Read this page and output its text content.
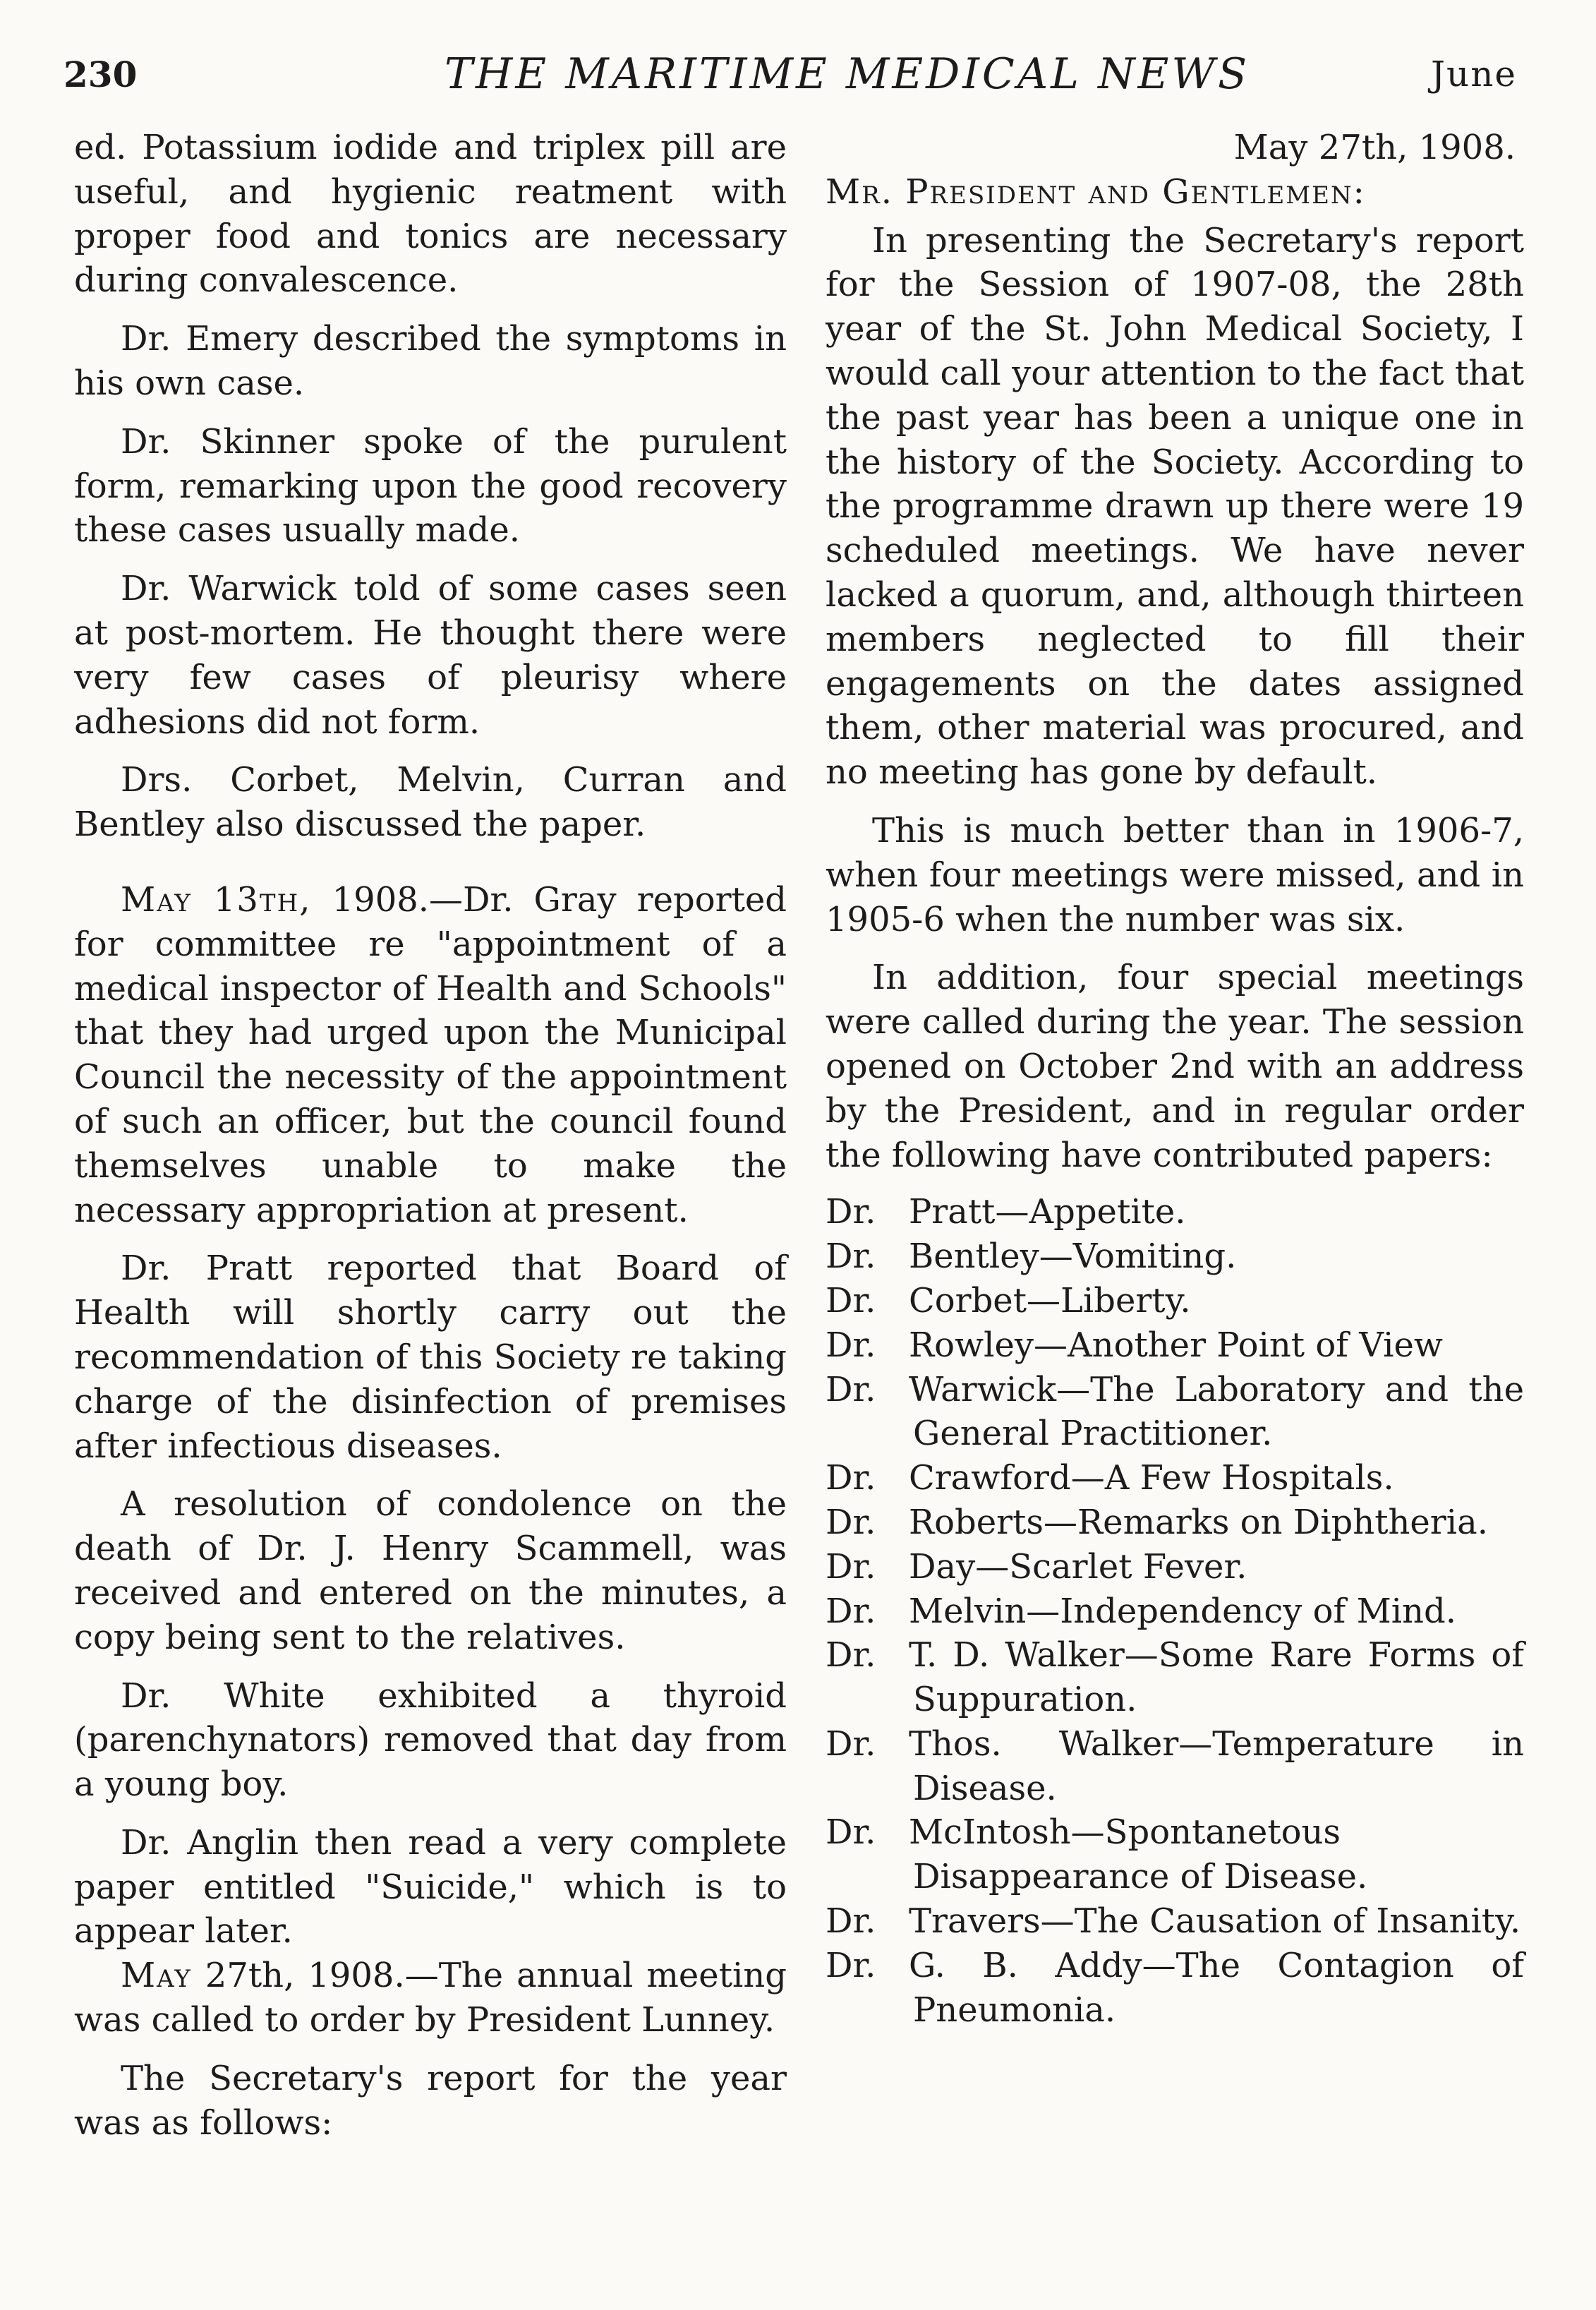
230	THE MARITIME MEDICAL NEWS	June

ed. Potassium iodide and triplex pill are useful, and hygienic reatment with proper food and tonics are necessary during convalescence.

Dr. Emery described the symptoms in his own case.

Dr. Skinner spoke of the purulent form, remarking upon the good recovery these cases usually made.

Dr. Warwick told of some cases seen at post-mortem. He thought there were very few cases of pleurisy where adhesions did not form.

Drs. Corbet, Melvin, Curran and Bentley also discussed the paper.

May 13th, 1908.—Dr. Gray reported for committee re "appointment of a medical inspector of Health and Schools" that they had urged upon the Municipal Council the necessity of the appointment of such an officer, but the council found themselves unable to make the necessary appropriation at present.

Dr. Pratt reported that Board of Health will shortly carry out the recommendation of this Society re taking charge of the disinfection of premises after infectious diseases.

A resolution of condolence on the death of Dr. J. Henry Scammell, was received and entered on the minutes, a copy being sent to the relatives.

Dr. White exhibited a thyroid (parenchynators) removed that day from a young boy.

Dr. Anglin then read a very complete paper entitled "Suicide," which is to appear later.

May 27th, 1908.—The annual meeting was called to order by President Lunney.

The Secretary's report for the year was as follows:

May 27th, 1908.

Mr. President and Gentlemen:

In presenting the Secretary's report for the Session of 1907-08, the 28th year of the St. John Medical Society, I would call your attention to the fact that the past year has been a unique one in the history of the Society. According to the programme drawn up there were 19 scheduled meetings. We have never lacked a quorum, and, although thirteen members neglected to fill their engagements on the dates assigned them, other material was procured, and no meeting has gone by default.

This is much better than in 1906-7, when four meetings were missed, and in 1905-6 when the number was six.

In addition, four special meetings were called during the year. The session opened on October 2nd with an address by the President, and in regular order the following have contributed papers:

Dr. Pratt—Appetite.
Dr. Bentley—Vomiting.
Dr. Corbet—Liberty.
Dr. Rowley—Another Point of View
Dr. Warwick—The Laboratory and the General Practitioner.
Dr. Crawford—A Few Hospitals.
Dr. Roberts—Remarks on Diphtheria.
Dr. Day—Scarlet Fever.
Dr. Melvin—Independency of Mind.
Dr. T. D. Walker—Some Rare Forms of Suppuration.
Dr. Thos. Walker—Temperature in Disease.
Dr. McIntosh—Spontanetous Disappearance of Disease.
Dr. Travers—The Causation of Insanity.
Dr. G. B. Addy—The Contagion of Pneumonia.
